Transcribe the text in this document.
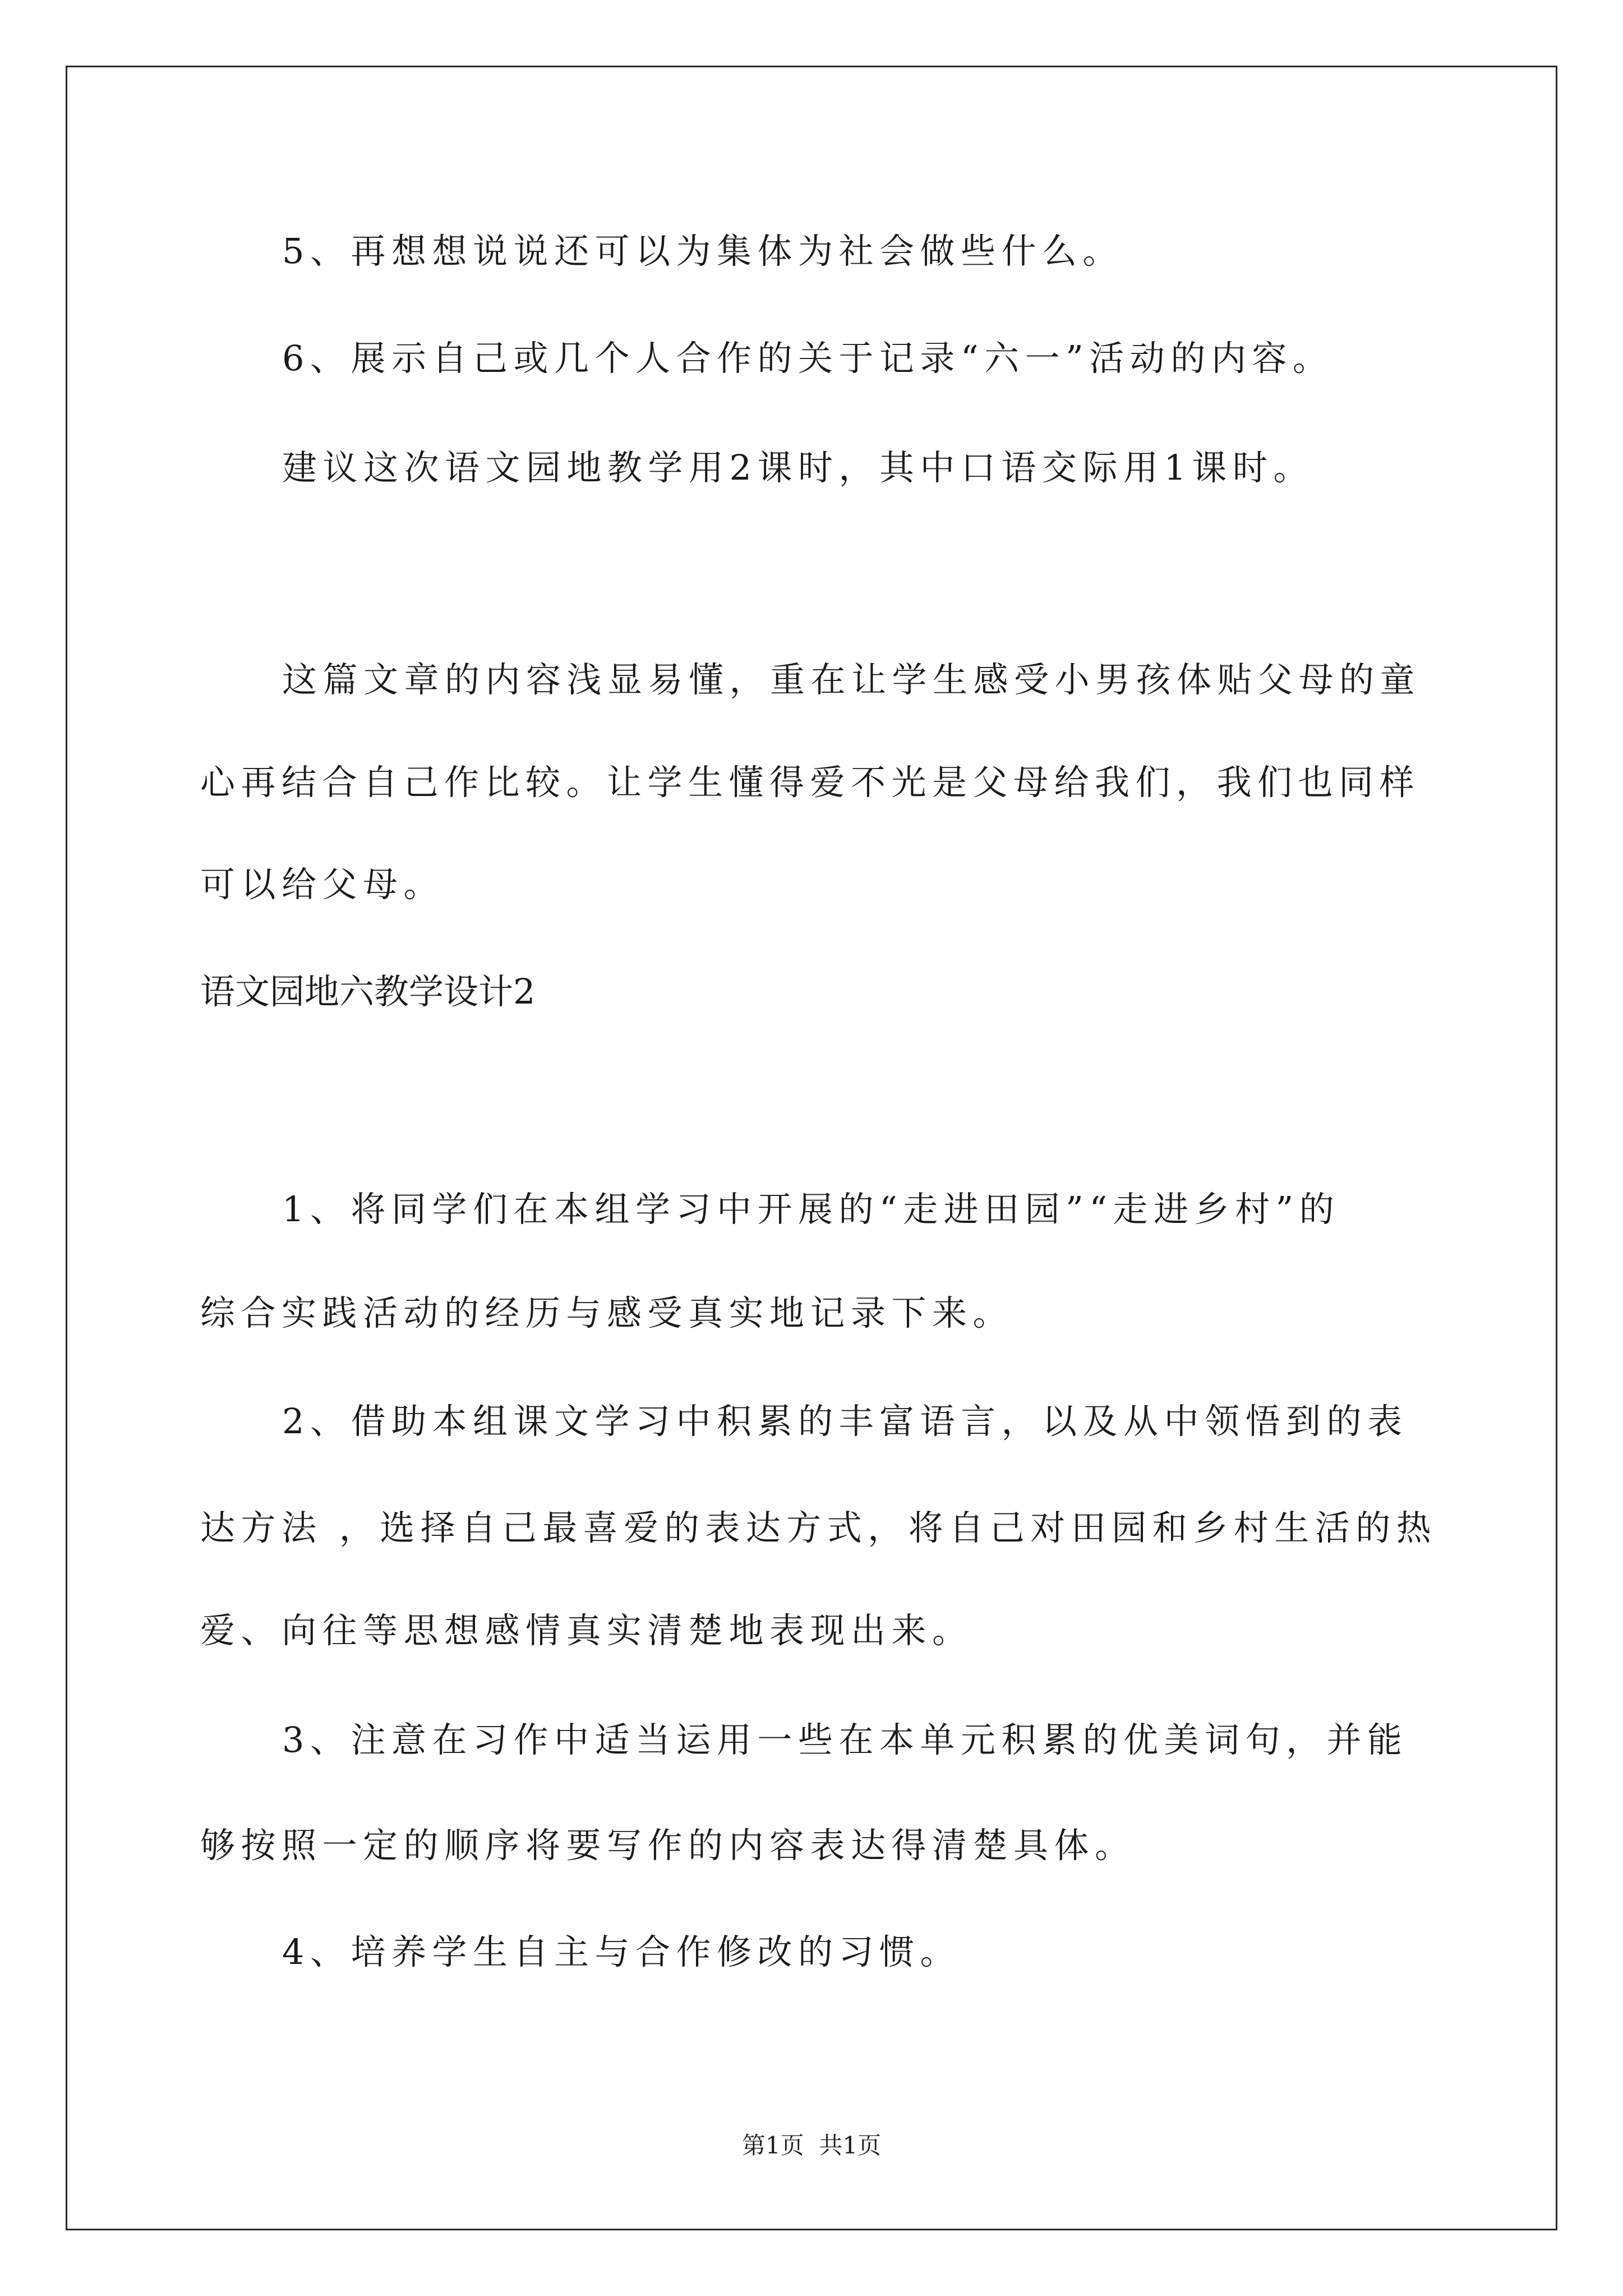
5、再想想说说还可以为集体为社会做些什么。
6、展示自己或几个人合作的关于记录“六一”活动的内容。
建议这次语文园地教学用2课时，其中口语交际用1课时。
这篇文章的内容浅显易懂，重在让学生感受小男孩体贴父母的童
心再结合自己作比较。让学生懂得爱不光是父母给我们，我们也同样
可以给父母。
语文园地六教学设计2
1、将同学们在本组学习中开展的“走进田园”“走进乡村”的
综合实践活动的经历与感受真实地记录下来。
2、借助本组课文学习中积累的丰富语言，以及从中领悟到的表
达方法 ，选择自己最喜爱的表达方式，将自己对田园和乡村生活的热
爱、向往等思想感情真实清楚地表现出来。
3、注意在习作中适当运用一些在本单元积累的优美词句，并能
够按照一定的顺序将要写作的内容表达得清楚具体。
4、培养学生自主与合作修改的习惯。
第1页  共1页
